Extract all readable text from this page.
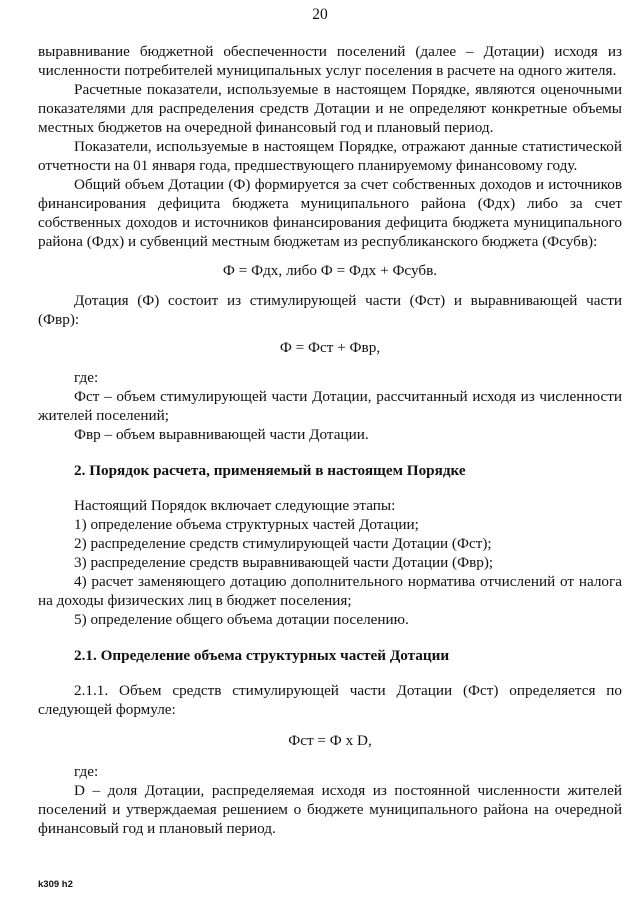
20

выравнивание бюджетной обеспеченности поселений (далее – Дотации) исходя из численности потребителей муниципальных услуг поселения в расчете на одного жителя.

Расчетные показатели, используемые в настоящем Порядке, являются оценочными показателями для распределения средств Дотации и не определяют конкретные объемы местных бюджетов на очередной финансовый год и плановый период.

Показатели, используемые в настоящем Порядке, отражают данные статистической отчетности на 01 января года, предшествующего планируемому финансовому году.

Общий объем Дотации (Ф) формируется за счет собственных доходов и источников финансирования дефицита бюджета муниципального района (Фдх) либо за счет собственных доходов и источников финансирования дефицита бюджета муниципального района (Фдх) и субвенций местным бюджетам из республиканского бюджета (Фсубв):

Ф = Фдх, либо Ф = Фдх + Фсубв.

Дотация (Ф) состоит из стимулирующей части (Фст) и выравнивающей части (Фвр):

Ф = Фст + Фвр,

где:

Фст – объем стимулирующей части Дотации, рассчитанный исходя из численности жителей поселений;

Фвр – объем выравнивающей части Дотации.

2. Порядок расчета, применяемый в настоящем Порядке

Настоящий Порядок включает следующие этапы:

1) определение объема структурных частей Дотации;

2) распределение средств стимулирующей части Дотации (Фст);

3) распределение средств выравнивающей части Дотации (Фвр);

4) расчет заменяющего дотацию дополнительного норматива отчислений от налога на доходы физических лиц в бюджет поселения;

5) определение общего объема дотации поселению.

2.1. Определение объема структурных частей Дотации

2.1.1. Объем средств стимулирующей части Дотации (Фст) определяется по следующей формуле:

Фст = Ф х D,

где:

D – доля Дотации, распределяемая исходя из постоянной численности жителей поселений и утверждаемая решением о бюджете муниципального района на очередной финансовый год и плановый период.

k309 h2
